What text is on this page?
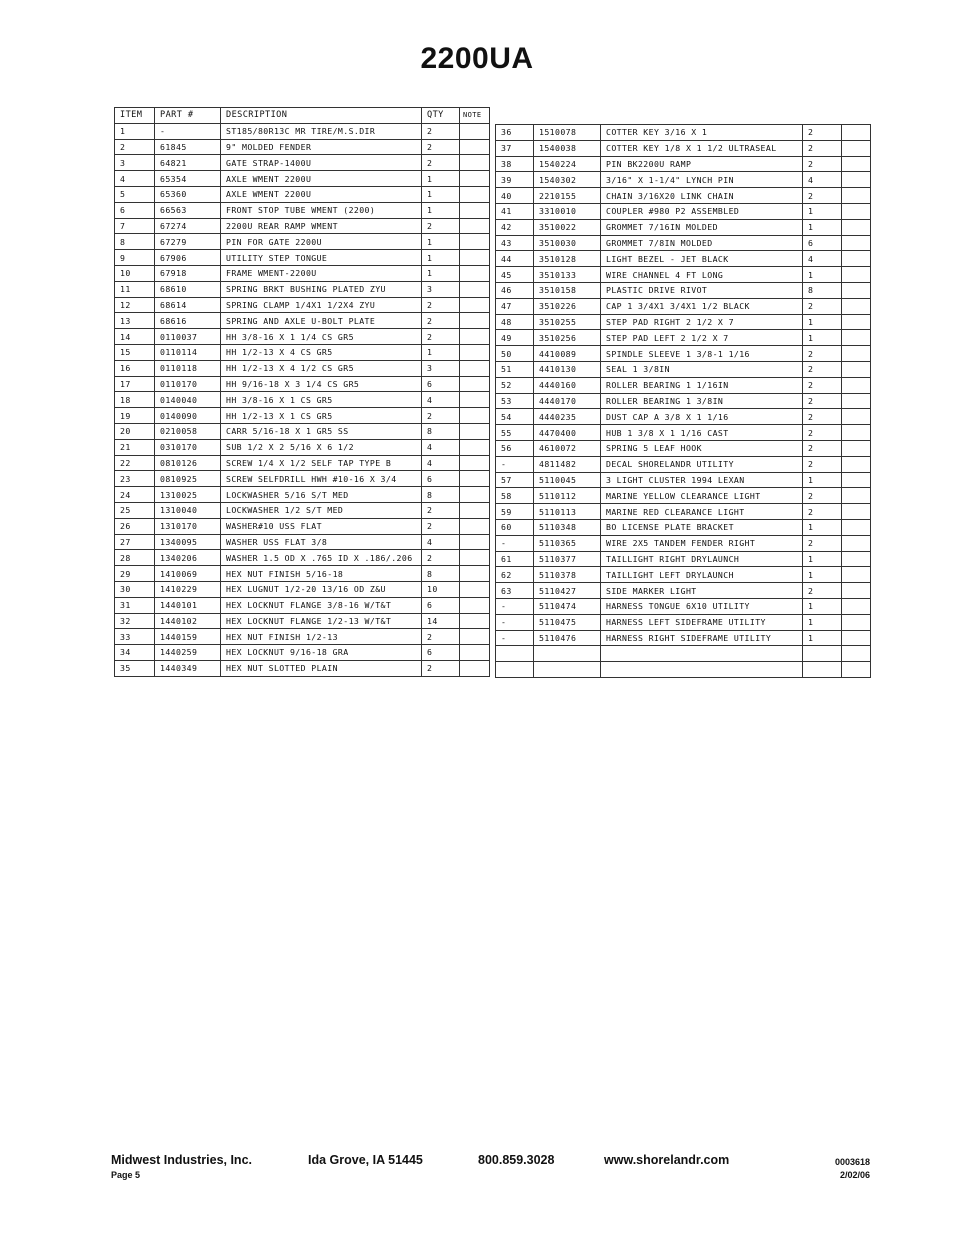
2200UA
ITEM	PART #	DESCRIPTION	QTY	NOTE
1	-	ST185/80R13C MR TIRE/M.S.DIR	2	
2	61845	9" MOLDED FENDER	2	
3	64821	GATE STRAP-1400U	2	
4	65354	AXLE WMENT 2200U	1	
5	65360	AXLE WMENT 2200U	1	
6	66563	FRONT STOP TUBE WMENT (2200)	1	
7	67274	2200U REAR RAMP WMENT	2	
8	67279	PIN FOR GATE 2200U	1	
9	67906	UTILITY STEP TONGUE	1	
10	67918	FRAME WMENT-2200U	1	
11	68610	SPRING BRKT BUSHING PLATED ZYU	3	
12	68614	SPRING CLAMP 1/4X1 1/2X4 ZYU	2	
13	68616	SPRING AND AXLE U-BOLT PLATE	2	
14	0110037	HH 3/8-16 X 1 1/4 CS GR5	2	
15	0110114	HH 1/2-13 X 4 CS GR5	1	
16	0110118	HH 1/2-13 X 4 1/2 CS GR5	3	
17	0110170	HH 9/16-18 X 3 1/4 CS GR5	6	
18	0140040	HH 3/8-16 X 1 CS GR5	4	
19	0140090	HH 1/2-13 X 1 CS GR5	2	
20	0210058	CARR 5/16-18 X 1 GR5 SS	8	
21	0310170	SUB 1/2 X 2 5/16 X 6 1/2	4	
22	0810126	SCREW 1/4 X 1/2 SELF TAP TYPE B	4	
23	0810925	SCREW SELFDRILL HWH #10-16 X 3/4	6	
24	1310025	LOCKWASHER 5/16 S/T MED	8	
25	1310040	LOCKWASHER 1/2 S/T MED	2	
26	1310170	WASHER#10 USS FLAT	2	
27	1340095	WASHER USS FLAT 3/8	4	
28	1340206	WASHER 1.5 OD X .765 ID X .186/.206	2	
29	1410069	HEX NUT FINISH 5/16-18	8	
30	1410229	HEX LUGNUT 1/2-20 13/16 OD Z&U	10	
31	1440101	HEX LOCKNUT FLANGE 3/8-16 W/T&T	6	
32	1440102	HEX LOCKNUT FLANGE 1/2-13 W/T&T	14	
33	1440159	HEX NUT FINISH 1/2-13	2	
34	1440259	HEX LOCKNUT 9/16-18 GRA	6	
35	1440349	HEX NUT SLOTTED PLAIN	2	
36	1510078	COTTER KEY 3/16 X 1	2	
37	1540038	COTTER KEY 1/8 X 1 1/2 ULTRASEAL	2	
38	1540224	PIN BK2200U RAMP	2	
39	1540302	3/16" X 1-1/4" LYNCH PIN	4	
40	2210155	CHAIN 3/16X20 LINK CHAIN	2	
41	3310010	COUPLER #980 P2 ASSEMBLED	1	
42	3510022	GROMMET 7/16IN MOLDED	1	
43	3510030	GROMMET 7/8IN MOLDED	6	
44	3510128	LIGHT BEZEL - JET BLACK	4	
45	3510133	WIRE CHANNEL 4 FT LONG	1	
46	3510158	PLASTIC DRIVE RIVOT	8	
47	3510226	CAP 1 3/4X1 3/4X1 1/2 BLACK	2	
48	3510255	STEP PAD RIGHT 2 1/2 X 7	1	
49	3510256	STEP PAD LEFT 2 1/2 X 7	1	
50	4410089	SPINDLE SLEEVE 1 3/8-1 1/16	2	
51	4410130	SEAL 1 3/8IN	2	
52	4440160	ROLLER BEARING 1 1/16IN	2	
53	4440170	ROLLER BEARING 1 3/8IN	2	
54	4440235	DUST CAP A 3/8 X 1 1/16	2	
55	4470400	HUB 1 3/8 X 1 1/16 CAST	2	
56	4610072	SPRING 5 LEAF HOOK	2	
-	4811482	DECAL SHORELANDR UTILITY	2	
57	5110045	3 LIGHT CLUSTER 1994 LEXAN	1	
58	5110112	MARINE YELLOW CLEARANCE LIGHT	2	
59	5110113	MARINE RED CLEARANCE LIGHT	2	
60	5110348	BO LICENSE PLATE BRACKET	1	
-	5110365	WIRE 2X5 TANDEM FENDER RIGHT	2	
61	5110377	TAILLIGHT RIGHT DRYLAUNCH	1	
62	5110378	TAILLIGHT LEFT DRYLAUNCH	1	
63	5110427	SIDE MARKER LIGHT	2	
-	5110474	HARNESS TONGUE 6X10 UTILITY	1	
-	5110475	HARNESS LEFT SIDEFRAME UTILITY	1	
-	5110476	HARNESS RIGHT SIDEFRAME UTILITY	1	

Midwest Industries, Inc.	Ida Grove, IA 51445	800.859.3028	www.shorelandr.com
Page 5
0003618
2/02/06
